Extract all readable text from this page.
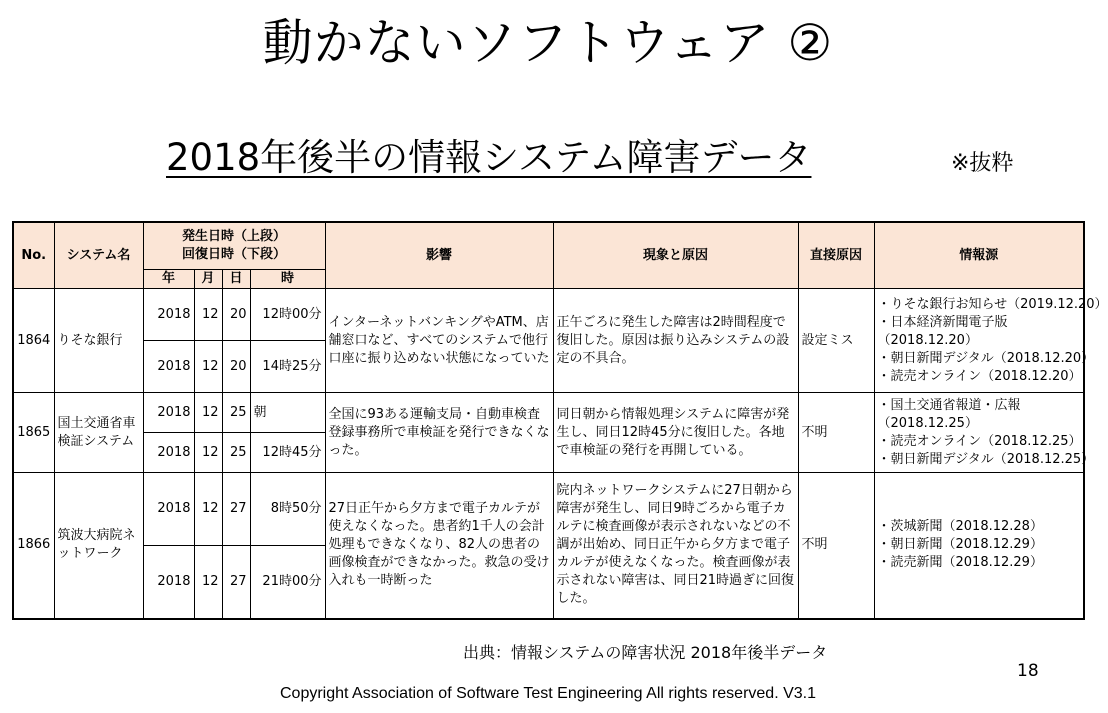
動かないソフトウェア ②
2018年後半の情報システム障害データ	※抜粋
No.	システム名	発生日時（上段）
回復日時（下段）				影響	現象と原因	直接原因	情報源
		年	月	日	時				
1864	りそな銀行	2018	12	20	12時00分	インターネットバンキングやATM、店舗窓口など、すべてのシステムで他行口座に振り込めない状態になっていた	正午ごろに発生した障害は2時間程度で復旧した。原因は振り込みシステムの設定の不具合。	設定ミス	・りそな銀行お知らせ（2019.12.20）
・日本経済新聞電子版
（2018.12.20）
・朝日新聞デジタル（2018.12.20）
・読売オンライン（2018.12.20）

		2018	12	20	14時25分				
1865	国土交通省車検証システム	2018	12	25	朝	全国に93ある運輸支局・自動車検査登録事務所で車検証を発行できなくなった。	同日朝から情報処理システムに障害が発生し、同日12時45分に復旧した。各地で車検証の発行を再開している。	不明	・国土交通省報道・広報
（2018.12.25）
・読売オンライン（2018.12.25）
・朝日新聞デジタル（2018.12.25）

		2018	12	25	12時45分				
1866	筑波大病院ネットワーク	2018	12	27	8時50分	27日正午から夕方まで電子カルテが使えなくなった。患者約1千人の会計処理もできなくなり、82人の患者の画像検査ができなかった。救急の受け入れも一時断った	院内ネットワークシステムに27日朝から障害が発生し、同日9時ごろから電子カルテに検査画像が表示されないなどの不調が出始め、同日正午から夕方まで電子カルテが使えなくなった。検査画像が表示されない障害は、同日21時過ぎに回復した。	不明	・茨城新聞（2018.12.28）
・朝日新聞（2018.12.29）
・読売新聞（2018.12.29）

		2018	12	27	21時00分				
出典：情報システムの障害状況 2018年後半データ
18
Copyright Association of Software Test Engineering All rights reserved. V3.1
